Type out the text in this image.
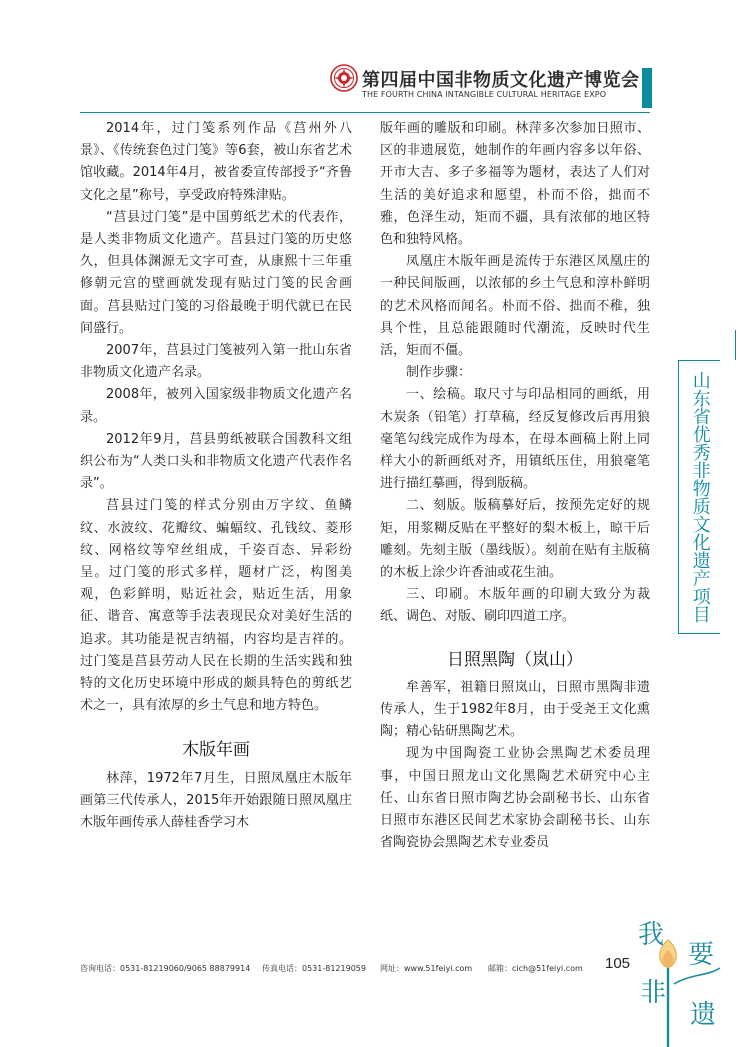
第四届中国非物质文化遗产博览会
THE FOURTH CHINA INTANGIBLE CULTURAL HERITAGE EXPO

2014年，过门笺系列作品《莒州外八景》、《传统套色过门笺》等6套，被山东省艺术馆收藏。2014年4月，被省委宣传部授予“齐鲁文化之星”称号，享受政府特殊津贴。

“莒县过门笺”是中国剪纸艺术的代表作，是人类非物质文化遗产。莒县过门笺的历史悠久，但具体渊源无文字可查，从康熙十三年重修朝元宫的壁画就发现有贴过门笺的民舍画面。莒县贴过门笺的习俗最晚于明代就已在民间盛行。

2007年，莒县过门笺被列入第一批山东省非物质文化遗产名录。

2008年，被列入国家级非物质文化遗产名录。

2012年9月，莒县剪纸被联合国教科文组织公布为“人类口头和非物质文化遗产代表作名录”。

莒县过门笺的样式分别由万字纹、鱼鳞纹、水波纹、花瓣纹、蝙蝠纹、孔钱纹、菱形纹、网格纹等窄丝组成，千姿百态、异彩纷呈。过门笺的形式多样，题材广泛，构图美观，色彩鲜明，贴近社会，贴近生活，用象征、谐音、寓意等手法表现民众对美好生活的追求。其功能是祝吉纳福，内容均是吉祥的。过门笺是莒县劳动人民在长期的生活实践和独特的文化历史环境中形成的颇具特色的剪纸艺术之一，具有浓厚的乡土气息和地方特色。

木版年画

林萍，1972年7月生，日照凤凰庄木版年画第三代传承人，2015年开始跟随日照凤凰庄木版年画传承人薛桂香学习木

版年画的雕版和印刷。林萍多次参加日照市、区的非遗展览，她制作的年画内容多以年俗、开市大吉、多子多福等为题材，表达了人们对生活的美好追求和愿望，朴而不俗，拙而不雅，色泽生动，矩而不疆，具有浓郁的地区特色和独特风格。

凤凰庄木版年画是流传于东港区凤凰庄的一种民间版画，以浓郁的乡土气息和淳朴鲜明的艺术风格而闻名。朴而不俗、拙而不稚，独具个性，且总能跟随时代潮流，反映时代生活，矩而不僵。

制作步骤：

一、绘稿。取尺寸与印品相同的画纸，用木炭条（铅笔）打草稿，经反复修改后再用狼毫笔勾线完成作为母本，在母本画稿上附上同样大小的新画纸对齐，用镇纸压住，用狼毫笔进行描红摹画，得到版稿。

二、刻版。版稿摹好后，按预先定好的规矩，用浆糊反贴在平整好的梨木板上，晾干后雕刻。先刻主版（墨线版）。刻前在贴有主版稿的木板上涂少许香油或花生油。

三、印刷。木版年画的印刷大致分为裁纸、调色、对版、刷印四道工序。

日照黑陶（岚山）

牟善军，祖籍日照岚山，日照市黑陶非遗传承人，生于1982年8月，由于受尧王文化熏陶；精心钻研黑陶艺术。

现为中国陶瓷工业协会黑陶艺术委员理事，中国日照龙山文化黑陶艺术研究中心主任、山东省日照市陶艺协会副秘书长、山东省日照市东港区民间艺术家协会副秘书长、山东省陶瓷协会黑陶艺术专业委员

山东省优秀非物质文化遗产项目
咨询电话：0531-81219060/9065 88879914 传真电话：0531-81219059 网址：www.51feiyi.com 邮箱：cich@51feiyi.com 105
我
要
非
遗
